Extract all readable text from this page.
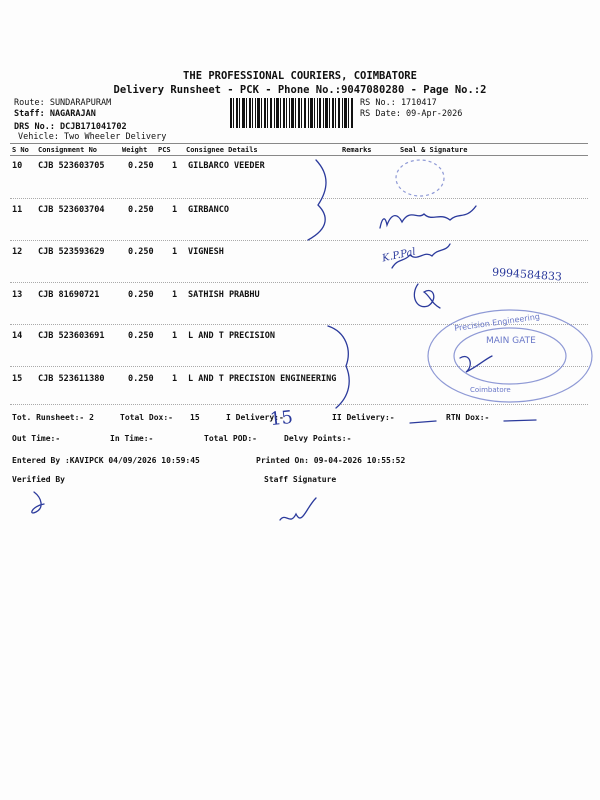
THE PROFESSIONAL COURIERS, COIMBATORE
Delivery Runsheet - PCK - Phone No.:9047080280 - Page No.:2
Route: SUNDARAPURAM
Staff: NAGARAJAN
DRS No.: DCJB171041702
Vehicle: Two Wheeler Delivery
RS No.: 1710417
RS Date: 09-Apr-2026
S No Consignment No	Weight PCS Consignee Details	Remarks	Seal & Signature
10 CJB 523603705	0.250 1 GILBARCO VEEDER
11 CJB 523603704	0.250 1 GIRBANCO
12 CJB 523593629	0.250 1 VIGNESH
13 CJB 81690721	0.250 1 SATHISH PRABHU
14 CJB 523603691	0.250 1 L AND T PRECISION
15 CJB 523611380	0.250 1 L AND T PRECISION ENGINEERING
Tot. Runsheet:- 2	Total Dox:- 15	I Delivery:-	II Delivery:-	RTN Dox:-
Out Time:-	In Time:-	Total POD:-	Delvy Points:-
Entered By :KAVIPCK 04/09/2026 10:59:45	Printed On: 09-04-2026 10:55:52
Verified By	Staff Signature
15
9994584833
K.P.Pal
Precision Engineering
MAIN GATE
Coimbatore
